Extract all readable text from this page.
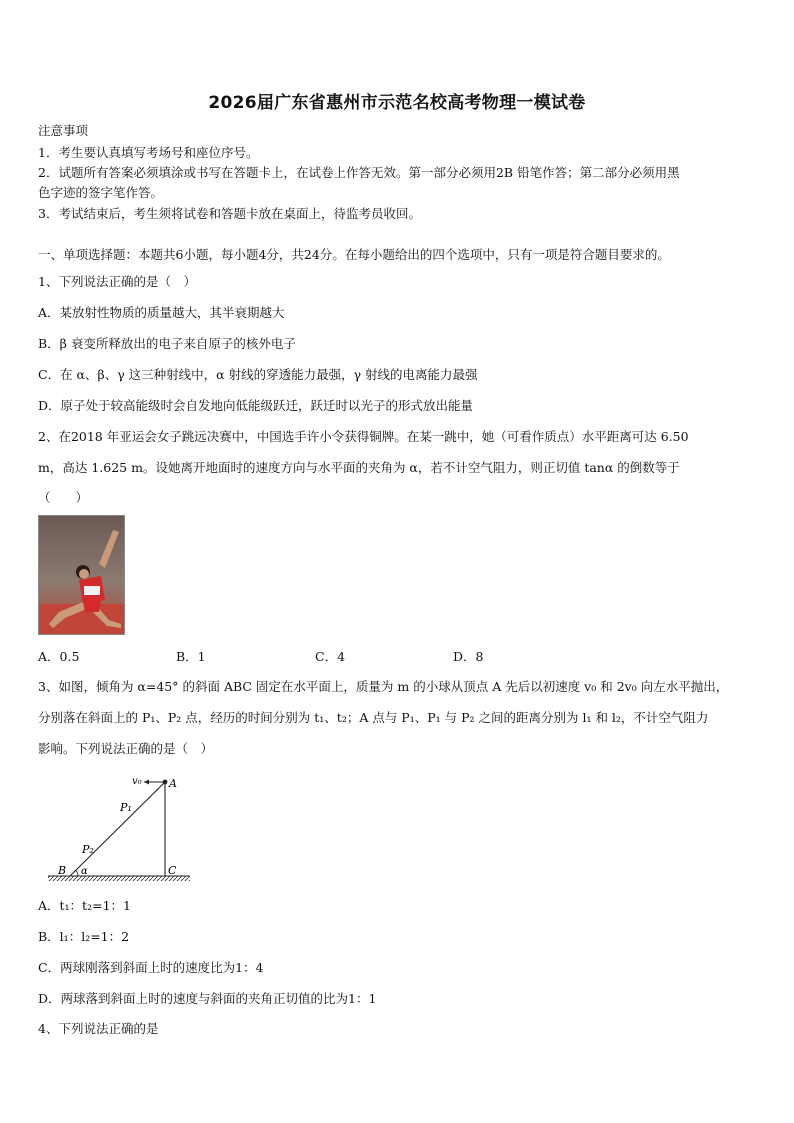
2026届广东省惠州市示范名校高考物理一模试卷
注意事项
1．考生要认真填写考场号和座位序号。
2．试题所有答案必须填涂或书写在答题卡上，在试卷上作答无效。第一部分必须用2B 铅笔作答；第二部分必须用黑
色字迹的签字笔作答。
3．考试结束后，考生须将试卷和答题卡放在桌面上，待监考员收回。
一、单项选择题：本题共6小题，每小题4分，共24分。在每小题给出的四个选项中，只有一项是符合题目要求的。
1、下列说法正确的是（　）
A．某放射性物质的质量越大，其半衰期越大
B．β 衰变所释放出的电子来自原子的核外电子
C．在 α、β、γ 这三种射线中，α 射线的穿透能力最强，γ 射线的电离能力最强
D．原子处于较高能级时会自发地向低能级跃迁，跃迁时以光子的形式放出能量
2、在2018 年亚运会女子跳远决赛中，中国选手许小令获得铜牌。在某一跳中，她（可看作质点）水平距离可达 6.50
m，高达 1.625 m。设她离开地面时的速度方向与水平面的夹角为 α，若不计空气阻力，则正切值 tanα 的倒数等于
（　　）
A．0.5	B．1	C．4	D．8
3、如图，倾角为 α=45° 的斜面 ABC 固定在水平面上，质量为 m 的小球从顶点 A 先后以初速度 v₀ 和 2v₀ 向左水平抛出，
分别落在斜面上的 P₁、P₂ 点，经历的时间分别为 t₁、t₂；A 点与 P₁、P₁ 与 P₂ 之间的距离分别为 l₁ 和 l₂，不计空气阻力
影响。下列说法正确的是（　）
v₀ A
P₁
P₂
B α	C
A．t₁：t₂=1：1
B．l₁：l₂=1：2
C．两球刚落到斜面上时的速度比为1：4
D．两球落到斜面上时的速度与斜面的夹角正切值的比为1：1
4、下列说法正确的是
